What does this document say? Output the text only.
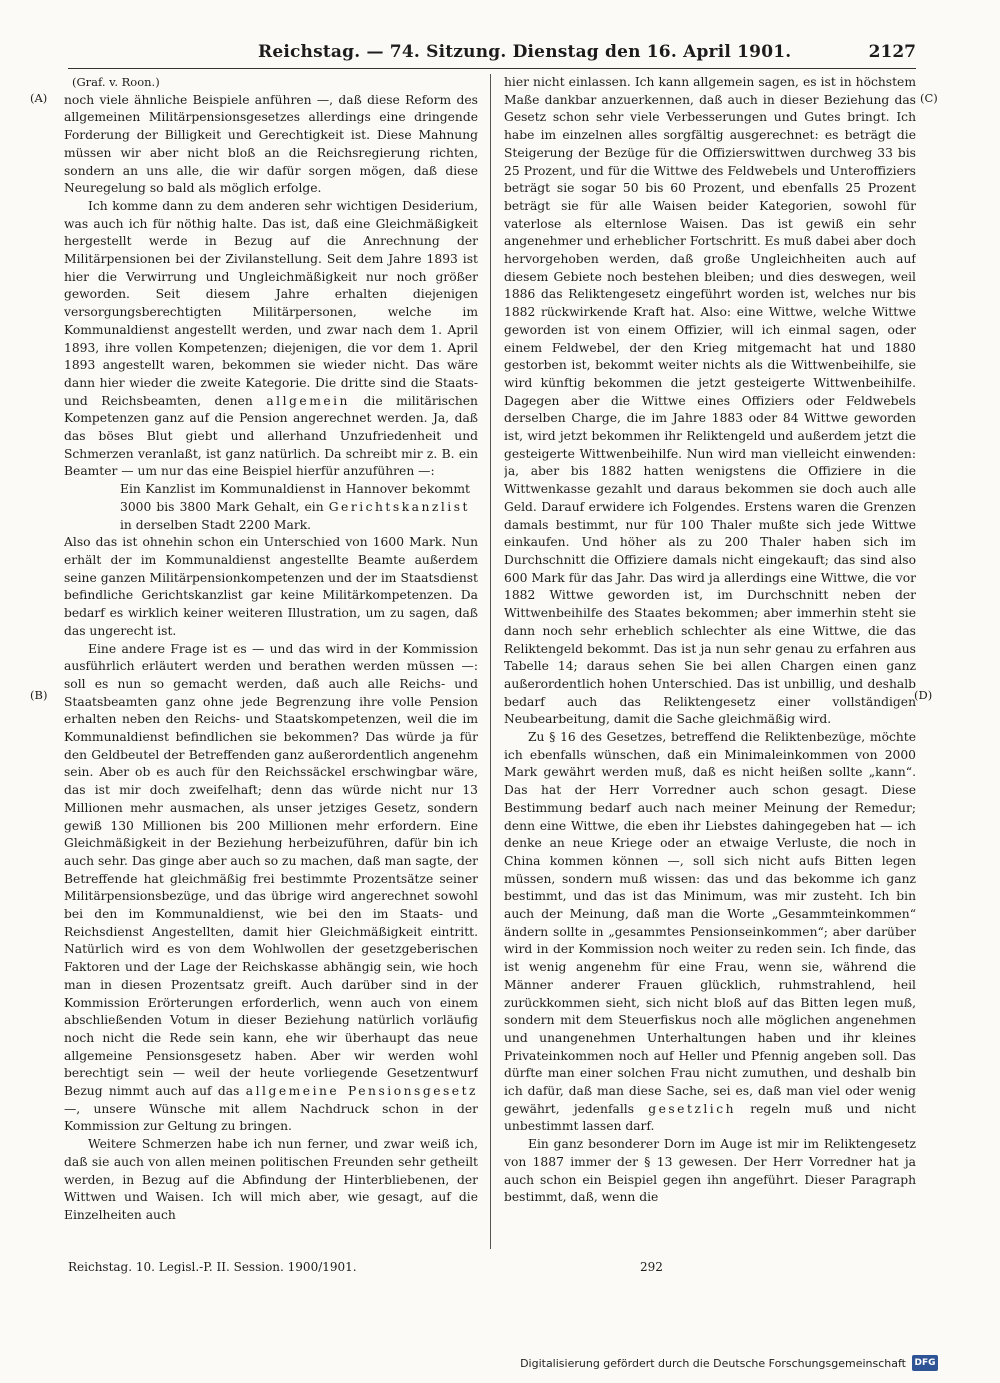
Reichstag. — 74. Sitzung. Dienstag den 16. April 1901.	2127
(A)
(B)
(C)
(D)

(Graf. v. Roon.)

noch viele ähnliche Beispiele anführen —, daß diese Reform des allgemeinen Militärpensionsgesetzes allerdings eine dringende Forderung der Billigkeit und Gerechtigkeit ist. Diese Mahnung müssen wir aber nicht bloß an die Reichsregierung richten, sondern an uns alle, die wir dafür sorgen mögen, daß diese Neuregelung so bald als möglich erfolge.

Ich komme dann zu dem anderen sehr wichtigen Desiderium, was auch ich für nöthig halte. Das ist, daß eine Gleichmäßigkeit hergestellt werde in Bezug auf die Anrechnung der Militärpensionen bei der Zivilanstellung. Seit dem Jahre 1893 ist hier die Verwirrung und Ungleichmäßigkeit nur noch größer geworden. Seit diesem Jahre erhalten diejenigen versorgungsberechtigten Militärpersonen, welche im Kommunaldienst angestellt werden, und zwar nach dem 1. April 1893, ihre vollen Kompetenzen; diejenigen, die vor dem 1. April 1893 angestellt waren, bekommen sie wieder nicht. Das wäre dann hier wieder die zweite Kategorie. Die dritte sind die Staats- und Reichsbeamten, denen allgemein die militärischen Kompetenzen ganz auf die Pension angerechnet werden. Ja, daß das böses Blut giebt und allerhand Unzufriedenheit und Schmerzen veranlaßt, ist ganz natürlich. Da schreibt mir z. B. ein Beamter — um nur das eine Beispiel hierfür anzuführen —:

Ein Kanzlist im Kommunaldienst in Hannover bekommt 3000 bis 3800 Mark Gehalt, ein Gerichtskanzlist in derselben Stadt 2200 Mark.

Also das ist ohnehin schon ein Unterschied von 1600 Mark. Nun erhält der im Kommunaldienst angestellte Beamte außerdem seine ganzen Militärpensionkompetenzen und der im Staatsdienst befindliche Gerichtskanzlist gar keine Militärkompetenzen. Da bedarf es wirklich keiner weiteren Illustration, um zu sagen, daß das ungerecht ist.

Eine andere Frage ist es — und das wird in der Kommission ausführlich erläutert werden und berathen werden müssen —: soll es nun so gemacht werden, daß auch alle Reichs- und Staatsbeamten ganz ohne jede Begrenzung ihre volle Pension erhalten neben den Reichs- und Staatskompetenzen, weil die im Kommunaldienst befindlichen sie bekommen? Das würde ja für den Geldbeutel der Betreffenden ganz außerordentlich angenehm sein. Aber ob es auch für den Reichssäckel erschwingbar wäre, das ist mir doch zweifelhaft; denn das würde nicht nur 13 Millionen mehr ausmachen, als unser jetziges Gesetz, sondern gewiß 130 Millionen bis 200 Millionen mehr erfordern. Eine Gleichmäßigkeit in der Beziehung herbeizuführen, dafür bin ich auch sehr. Das ginge aber auch so zu machen, daß man sagte, der Betreffende hat gleichmäßig frei bestimmte Prozentsätze seiner Militärpensionsbezüge, und das übrige wird angerechnet sowohl bei den im Kommunaldienst, wie bei den im Staats- und Reichsdienst Angestellten, damit hier Gleichmäßigkeit eintritt. Natürlich wird es von dem Wohlwollen der gesetzgeberischen Faktoren und der Lage der Reichskasse abhängig sein, wie hoch man in diesen Prozentsatz greift. Auch darüber sind in der Kommission Erörterungen erforderlich, wenn auch von einem abschließenden Votum in dieser Beziehung natürlich vorläufig noch nicht die Rede sein kann, ehe wir überhaupt das neue allgemeine Pensionsgesetz haben. Aber wir werden wohl berechtigt sein — weil der heute vorliegende Gesetzentwurf Bezug nimmt auch auf das allgemeine Pensionsgesetz —, unsere Wünsche mit allem Nachdruck schon in der Kommission zur Geltung zu bringen.

Weitere Schmerzen habe ich nun ferner, und zwar weiß ich, daß sie auch von allen meinen politischen Freunden sehr getheilt werden, in Bezug auf die Abfindung der Hinterbliebenen, der Wittwen und Waisen. Ich will mich aber, wie gesagt, auf die Einzelheiten auch

hier nicht einlassen. Ich kann allgemein sagen, es ist in höchstem Maße dankbar anzuerkennen, daß auch in dieser Beziehung das Gesetz schon sehr viele Verbesserungen und Gutes bringt. Ich habe im einzelnen alles sorgfältig ausgerechnet: es beträgt die Steigerung der Bezüge für die Offizierswittwen durchweg 33 bis 25 Prozent, und für die Wittwe des Feldwebels und Unteroffiziers beträgt sie sogar 50 bis 60 Prozent, und ebenfalls 25 Prozent beträgt sie für alle Waisen beider Kategorien, sowohl für vaterlose als elternlose Waisen. Das ist gewiß ein sehr angenehmer und erheblicher Fortschritt. Es muß dabei aber doch hervorgehoben werden, daß große Ungleichheiten auch auf diesem Gebiete noch bestehen bleiben; und dies deswegen, weil 1886 das Reliktengesetz eingeführt worden ist, welches nur bis 1882 rückwirkende Kraft hat. Also: eine Wittwe, welche Wittwe geworden ist von einem Offizier, will ich einmal sagen, oder einem Feldwebel, der den Krieg mitgemacht hat und 1880 gestorben ist, bekommt weiter nichts als die Wittwenbeihilfe, sie wird künftig bekommen die jetzt gesteigerte Wittwenbeihilfe. Dagegen aber die Wittwe eines Offiziers oder Feldwebels derselben Charge, die im Jahre 1883 oder 84 Wittwe geworden ist, wird jetzt bekommen ihr Reliktengeld und außerdem jetzt die gesteigerte Wittwenbeihilfe. Nun wird man vielleicht einwenden: ja, aber bis 1882 hatten wenigstens die Offiziere in die Wittwenkasse gezahlt und daraus bekommen sie doch auch alle Geld. Darauf erwidere ich Folgendes. Erstens waren die Grenzen damals bestimmt, nur für 100 Thaler mußte sich jede Wittwe einkaufen. Und höher als zu 200 Thaler haben sich im Durchschnitt die Offiziere damals nicht eingekauft; das sind also 600 Mark für das Jahr. Das wird ja allerdings eine Wittwe, die vor 1882 Wittwe geworden ist, im Durchschnitt neben der Wittwenbeihilfe des Staates bekommen; aber immerhin steht sie dann noch sehr erheblich schlechter als eine Wittwe, die das Reliktengeld bekommt. Das ist ja nun sehr genau zu erfahren aus Tabelle 14; daraus sehen Sie bei allen Chargen einen ganz außerordentlich hohen Unterschied. Das ist unbillig, und deshalb bedarf auch das Reliktengesetz einer vollständigen Neubearbeitung, damit die Sache gleichmäßig wird.

Zu § 16 des Gesetzes, betreffend die Reliktenbezüge, möchte ich ebenfalls wünschen, daß ein Minimaleinkommen von 2000 Mark gewährt werden muß, daß es nicht heißen sollte „kann“. Das hat der Herr Vorredner auch schon gesagt. Diese Bestimmung bedarf auch nach meiner Meinung der Remedur; denn eine Wittwe, die eben ihr Liebstes dahingegeben hat — ich denke an neue Kriege oder an etwaige Verluste, die noch in China kommen können —, soll sich nicht aufs Bitten legen müssen, sondern muß wissen: das und das bekomme ich ganz bestimmt, und das ist das Minimum, was mir zusteht. Ich bin auch der Meinung, daß man die Worte „Gesammteinkommen“ ändern sollte in „gesammtes Pensionseinkommen“; aber darüber wird in der Kommission noch weiter zu reden sein. Ich finde, das ist wenig angenehm für eine Frau, wenn sie, während die Männer anderer Frauen glücklich, ruhmstrahlend, heil zurückkommen sieht, sich nicht bloß auf das Bitten legen muß, sondern mit dem Steuerfiskus noch alle möglichen angenehmen und unangenehmen Unterhaltungen haben und ihr kleines Privateinkommen noch auf Heller und Pfennig angeben soll. Das dürfte man einer solchen Frau nicht zumuthen, und deshalb bin ich dafür, daß man diese Sache, sei es, daß man viel oder wenig gewährt, jedenfalls gesetzlich regeln muß und nicht unbestimmt lassen darf.

Ein ganz besonderer Dorn im Auge ist mir im Reliktengesetz von 1887 immer der § 13 gewesen. Der Herr Vorredner hat ja auch schon ein Beispiel gegen ihn angeführt. Dieser Paragraph bestimmt, daß, wenn die

Reichstag. 10. Legisl.-P. II. Session. 1900/1901.	292
Digitalisierung gefördert durch die Deutsche Forschungsgemeinschaft DFG
